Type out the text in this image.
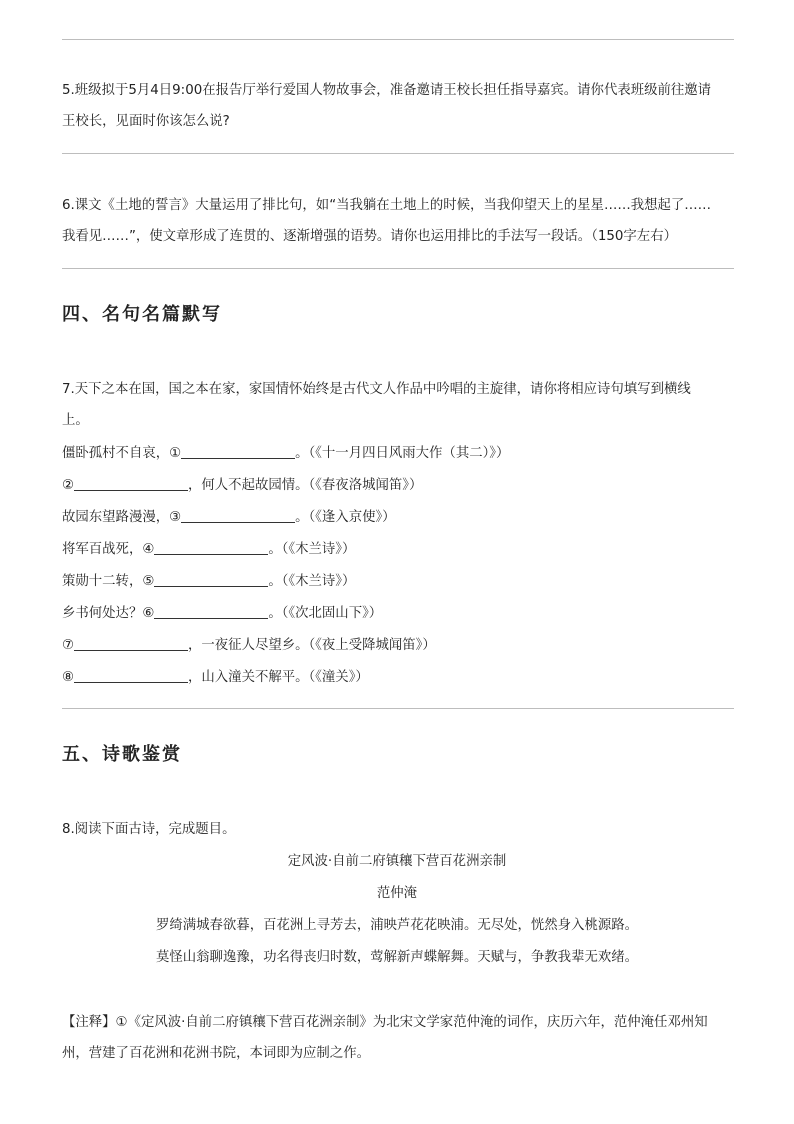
5.班级拟于5月4日9:00在报告厅举行爱国人物故事会，准备邀请王校长担任指导嘉宾。请你代表班级前往邀请
王校长，见面时你该怎么说?
6.课文《土地的誓言》大量运用了排比句，如“当我躺在土地上的时候，当我仰望天上的星星……我想起了……
我看见……”，使文章形成了连贯的、逐渐增强的语势。请你也运用排比的手法写一段话。（150字左右）
四、名句名篇默写
7.天下之本在国，国之本在家，家国情怀始终是古代文人作品中吟唱的主旋律，请你将相应诗句填写到横线
上。
僵卧孤村不自哀，①	。（《十一月四日风雨大作（其二）》）
②	，何人不起故园情。（《春夜洛城闻笛》）
故园东望路漫漫，③	。（《逢入京使》）
将军百战死，④	。（《木兰诗》）
策勋十二转，⑤	。（《木兰诗》）
乡书何处达？⑥	。（《次北固山下》）
⑦	，一夜征人尽望乡。（《夜上受降城闻笛》）
⑧	，山入潼关不解平。（《潼关》）
五、诗歌鉴赏
8.阅读下面古诗，完成题目。
定风波·自前二府镇穰下营百花洲亲制
范仲淹
罗绮满城春欲暮，百花洲上寻芳去，浦映芦花花映浦。无尽处，恍然身入桃源路。
莫怪山翁聊逸豫，功名得丧归时数，莺解新声蝶解舞。天赋与，争教我辈无欢绪。
【注释】①《定风波·自前二府镇穰下营百花洲亲制》为北宋文学家范仲淹的词作，庆历六年，范仲淹任邓州知
州，营建了百花洲和花洲书院，本词即为应制之作。
